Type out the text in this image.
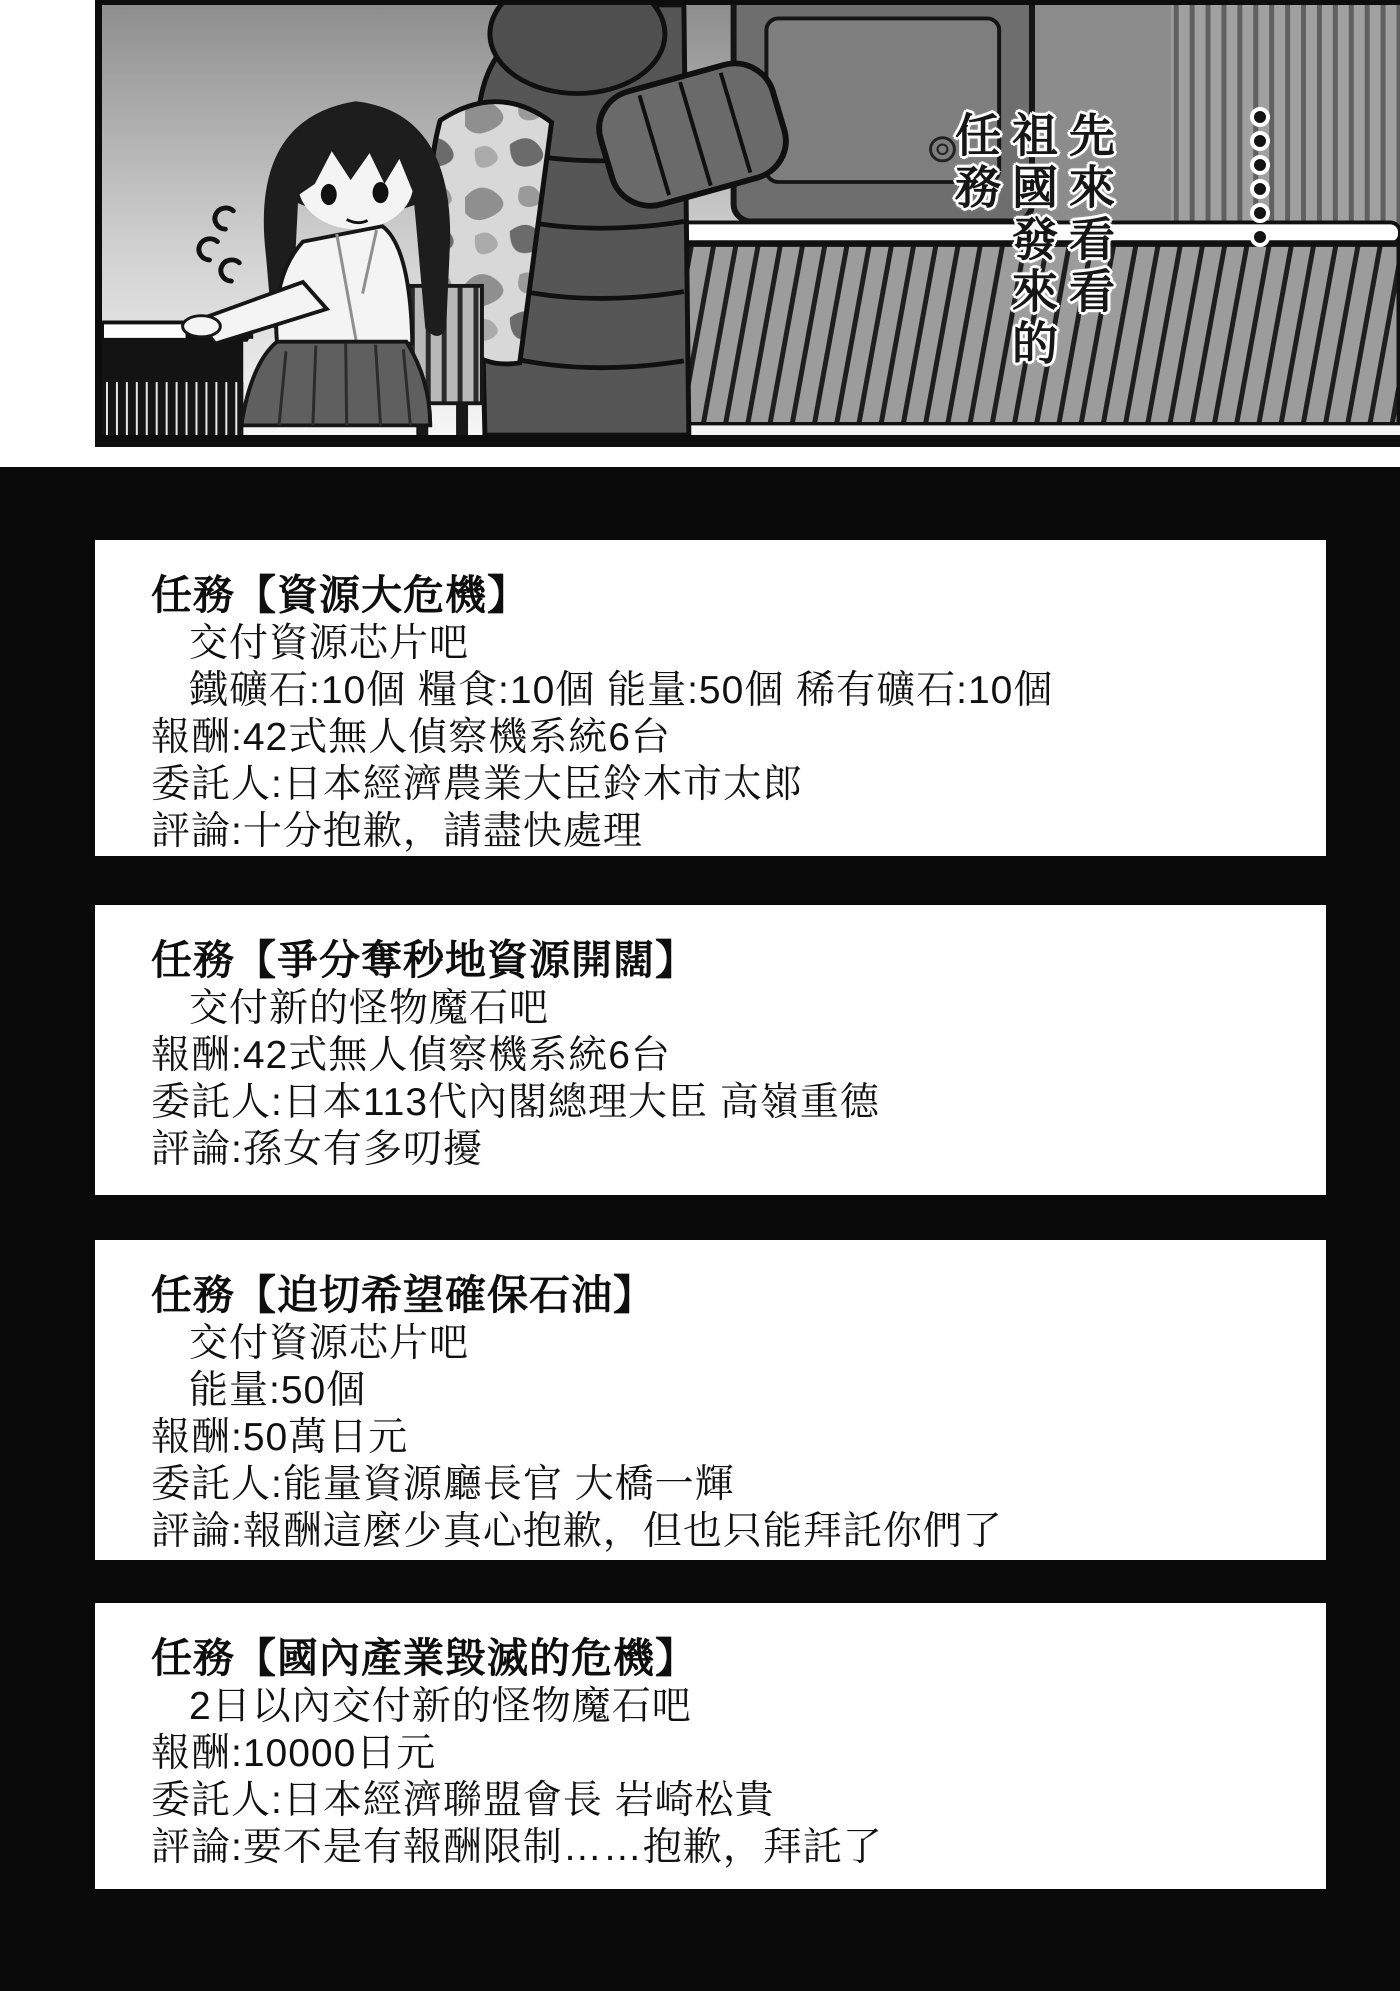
先來看看
祖國發來的
任務
任務【資源大危機】
交付資源芯片吧
鐵礦石:10個 糧食:10個 能量:50個 稀有礦石:10個
報酬:42式無人偵察機系統6台
委託人:日本經濟農業大臣鈴木市太郎
評論:十分抱歉，請盡快處理
任務【爭分奪秒地資源開闊】
交付新的怪物魔石吧
報酬:42式無人偵察機系統6台
委託人:日本113代內閣總理大臣 高嶺重德
評論:孫女有多叨擾
任務【迫切希望確保石油】
交付資源芯片吧
能量:50個
報酬:50萬日元
委託人:能量資源廳長官 大橋一輝
評論:報酬這麼少真心抱歉，但也只能拜託你們了
任務【國內產業毀滅的危機】
2日以內交付新的怪物魔石吧
報酬:10000日元
委託人:日本經濟聯盟會長 岩崎松貴
評論:要不是有報酬限制……抱歉，拜託了
